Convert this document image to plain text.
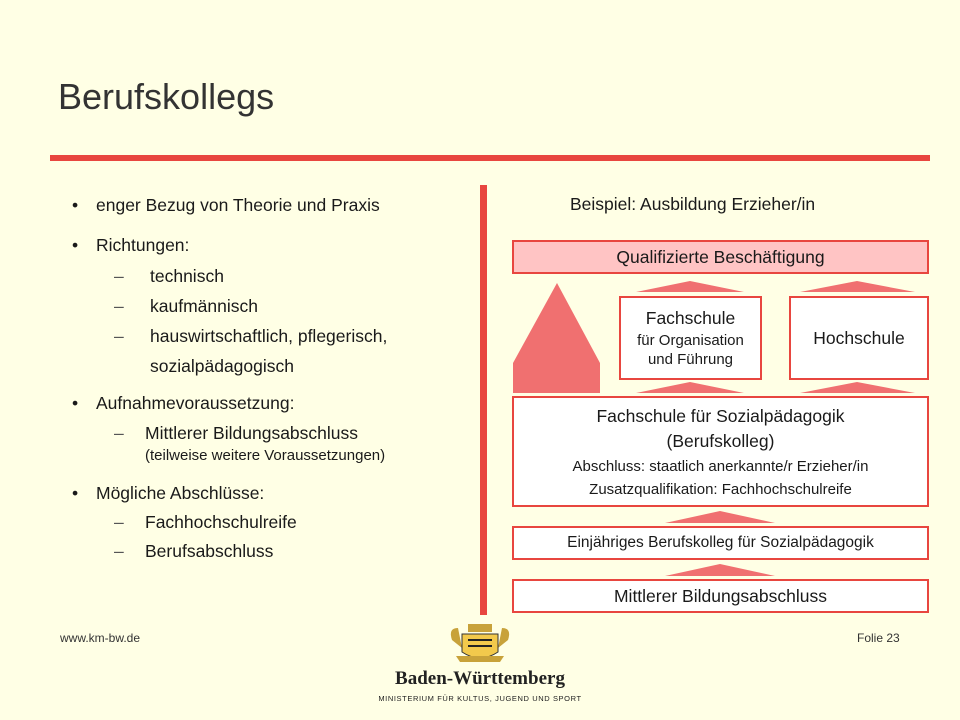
Berufskollegs
• enger Bezug von Theorie und Praxis
• Richtungen:
– technisch
– kaufmännisch
– hauswirtschaftlich, pflegerisch,
sozialpädagogisch
• Aufnahmevoraussetzung:
– Mittlerer Bildungsabschluss
(teilweise weitere Voraussetzungen)
• Mögliche Abschlüsse:
– Fachhochschulreife
– Berufsabschluss
Beispiel: Ausbildung Erzieher/in
Qualifizierte Beschäftigung
Fachschule
für Organisation
und Führung
Hochschule
Fachschule für Sozialpädagogik
(Berufskolleg)
Abschluss: staatlich anerkannte/r Erzieher/in
Zusatzqualifikation: Fachhochschulreife
Einjähriges Berufskolleg für Sozialpädagogik
Mittlerer Bildungsabschluss
www.km-bw.de	Folie 23
Baden-Württemberg
MINISTERIUM FÜR KULTUS, JUGEND UND SPORT
